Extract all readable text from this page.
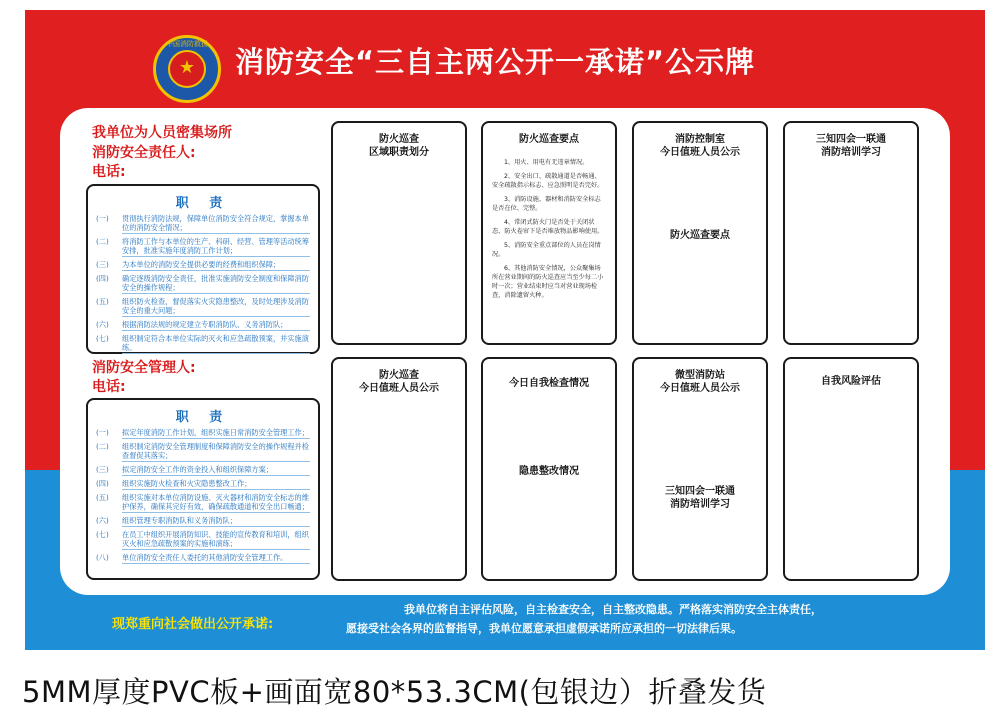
中国消防救援
★	消防安全“三自主两公开一承诺”公示牌
我单位为人员密集场所
消防安全责任人:
电话:
职 责
(一)	贯彻执行消防法规，保障单位消防安全符合规定，掌握本单位的消防安全情况；
(二)	将消防工作与本单位的生产、科研、经营、管理等活动统筹安排，批准实施年度消防工作计划；
(三)	为本单位的消防安全提供必要的经费和组织保障；
(四)	确定逐级消防安全责任，批准实施消防安全制度和保障消防安全的操作规程；
(五)	组织防火检查，督促落实火灾隐患整改，及时处理涉及消防安全的重大问题；
(六)	根据消防法规的规定建立专职消防队、义务消防队；
(七)	组织制定符合本单位实际的灭火和应急疏散预案，并实施演练。
消防安全管理人:
电话:
职 责
(一)	拟定年度消防工作计划，组织实施日常消防安全管理工作；
(二)	组织制定消防安全管理制度和保障消防安全的操作规程并检查督促其落实；
(三)	拟定消防安全工作的资金投入和组织保障方案；
(四)	组织实施防火检查和火灾隐患整改工作；
(五)	组织实施对本单位消防设施、灭火器材和消防安全标志的维护保养，确保其完好有效，确保疏散通道和安全出口畅通；
(六)	组织管理专职消防队和义务消防队；
(七)	在员工中组织开展消防知识、技能的宣传教育和培训，组织灭火和应急疏散预案的实施和演练；
(八)	单位消防安全责任人委托的其他消防安全管理工作。
防火巡查
区域职责划分
防火巡查要点

1、用火、用电有无违章情况。

2、安全出口、疏散通道是否畅通、安全疏散指示标志、应急照明是否完好。

3、消防设施、器材和消防安全标志是否在位、完整。

4、常闭式防火门是否处于关闭状态、防火卷帘下是否堆放物品影响使用。

5、消防安全重点部位的人员在岗情况。

6、其他消防安全情况，公众聚集场所在营业期间的防火巡查应当至少每二小时一次；营业结束时应当对营业现场检查，消除遗留火种。

消防控制室
今日值班人员公示
防火巡查要点
三知四会一联通
消防培训学习
防火巡查
今日值班人员公示	今日自我检查情况
隐患整改情况
微型消防站
今日值班人员公示
三知四会一联通
消防培训学习
自我风险评估
现郑重向社会做出公开承诺:
我单位将自主评估风险，自主检查安全，自主整改隐患。严格落实消防安全主体责任，
愿接受社会各界的监督指导，我单位愿意承担虚假承诺所应承担的一切法律后果。
5MM厚度PVC板+画面宽80*53.3CM(包银边）折叠发货
